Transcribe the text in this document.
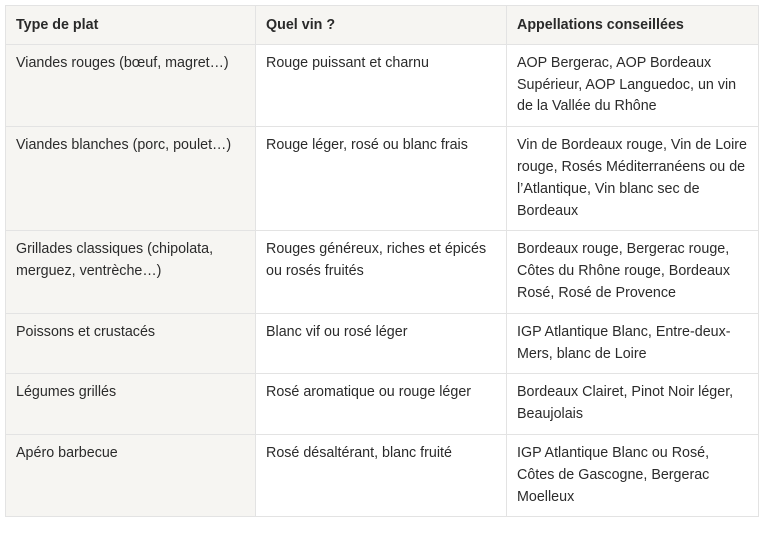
Type de plat	Quel vin ?	Appellations conseillées
Viandes rouges (bœuf, magret…)	Rouge puissant et charnu	AOP Bergerac, AOP Bordeaux Supérieur, AOP Languedoc, un vin de la Vallée du Rhône
Viandes blanches (porc, poulet…)	Rouge léger, rosé ou blanc frais	Vin de Bordeaux rouge, Vin de Loire rouge, Rosés Méditerranéens ou de l’Atlantique, Vin blanc sec de Bordeaux
Grillades classiques (chipolata, merguez, ventrèche…)	Rouges généreux, riches et épicés ou rosés fruités	Bordeaux rouge, Bergerac rouge, Côtes du Rhône rouge, Bordeaux Rosé, Rosé de Provence
Poissons et crustacés	Blanc vif ou rosé léger	IGP Atlantique Blanc, Entre-deux-Mers, blanc de Loire
Légumes grillés	Rosé aromatique ou rouge léger	Bordeaux Clairet, Pinot Noir léger, Beaujolais
Apéro barbecue	Rosé désaltérant, blanc fruité	IGP Atlantique Blanc ou Rosé, Côtes de Gascogne, Bergerac Moelleux
